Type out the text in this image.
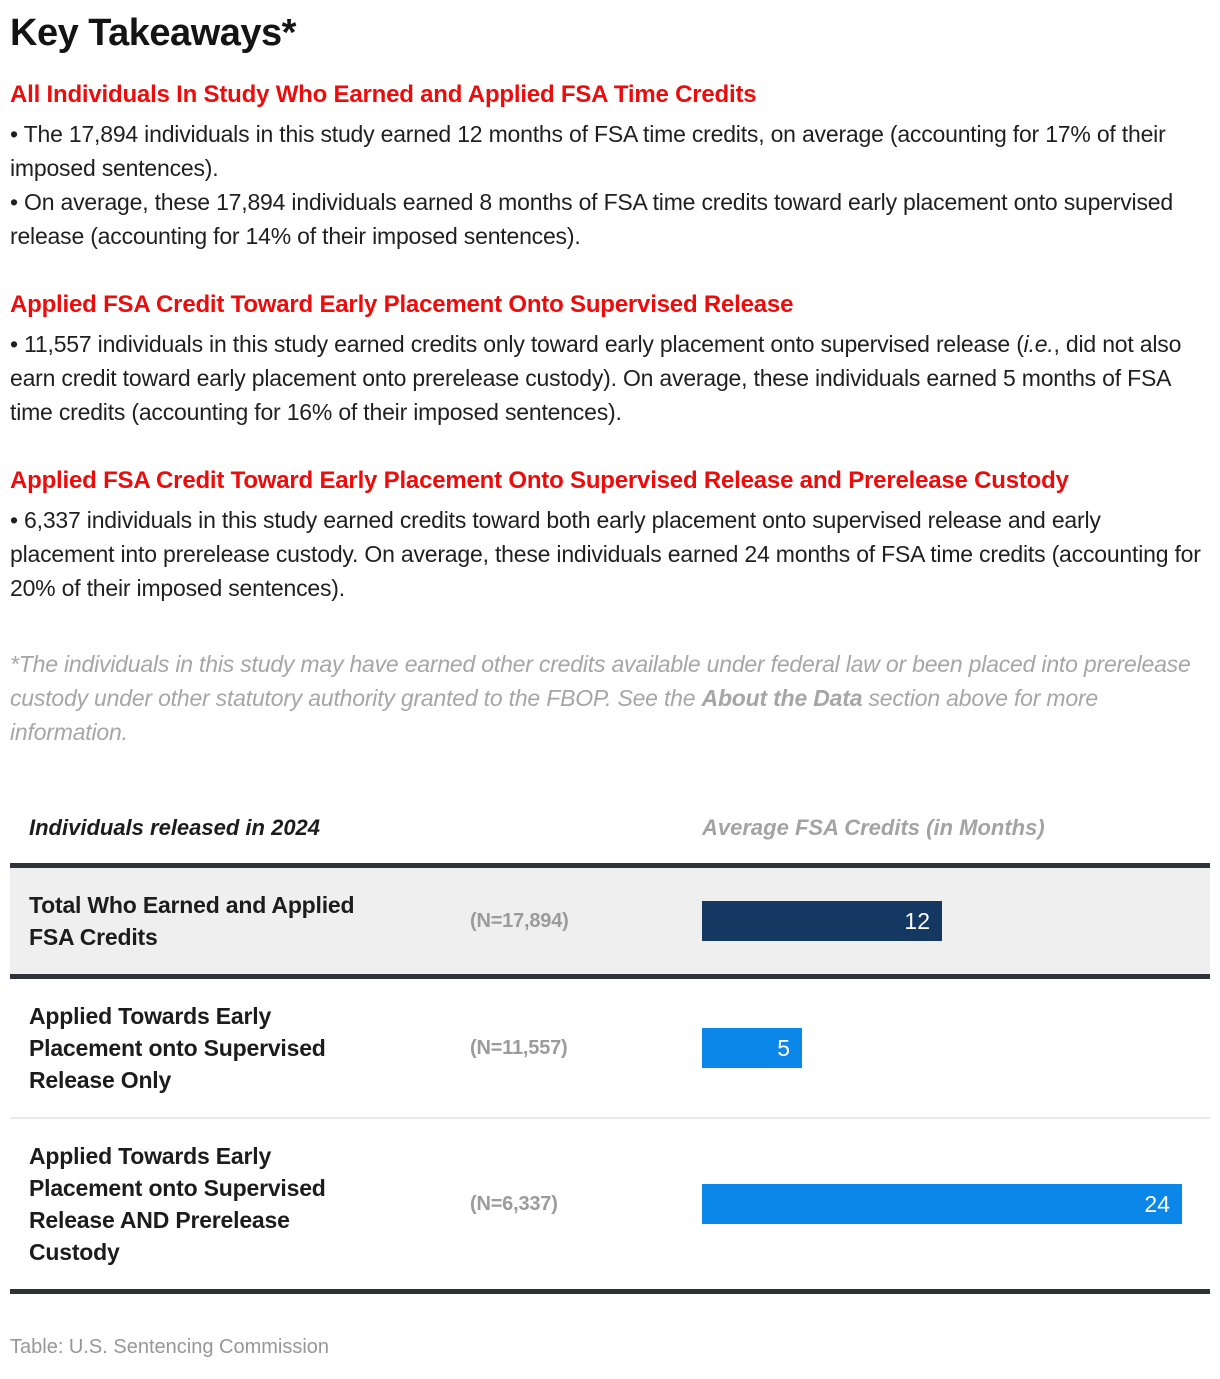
Key Takeaways*
All Individuals In Study Who Earned and Applied FSA Time Credits

• The 17,894 individuals in this study earned 12 months of FSA time credits, on average (accounting for 17% of their imposed sentences).

• On average, these 17,894 individuals earned 8 months of FSA time credits toward early placement onto supervised release (accounting for 14% of their imposed sentences).

Applied FSA Credit Toward Early Placement Onto Supervised Release

• 11,557 individuals in this study earned credits only toward early placement onto supervised release (i.e., did not also earn credit toward early placement onto prerelease custody). On average, these individuals earned 5 months of FSA time credits (accounting for 16% of their imposed sentences).

Applied FSA Credit Toward Early Placement Onto Supervised Release and Prerelease Custody

• 6,337 individuals in this study earned credits toward both early placement onto supervised release and early placement into prerelease custody. On average, these individuals earned 24 months of FSA time credits (accounting for 20% of their imposed sentences).

*The individuals in this study may have earned other credits available under federal law or been placed into prerelease custody under other statutory authority granted to the FBOP. See the About the Data section above for more information.

Individuals released in 2024	Average FSA Credits (in Months)
Total Who Earned and Applied FSA Credits
(N=17,894)	12
Applied Towards Early Placement onto Supervised Release Only
(N=11,557)	5
Applied Towards Early Placement onto Supervised Release AND Prerelease Custody
(N=6,337)	24
Table: U.S. Sentencing Commission
